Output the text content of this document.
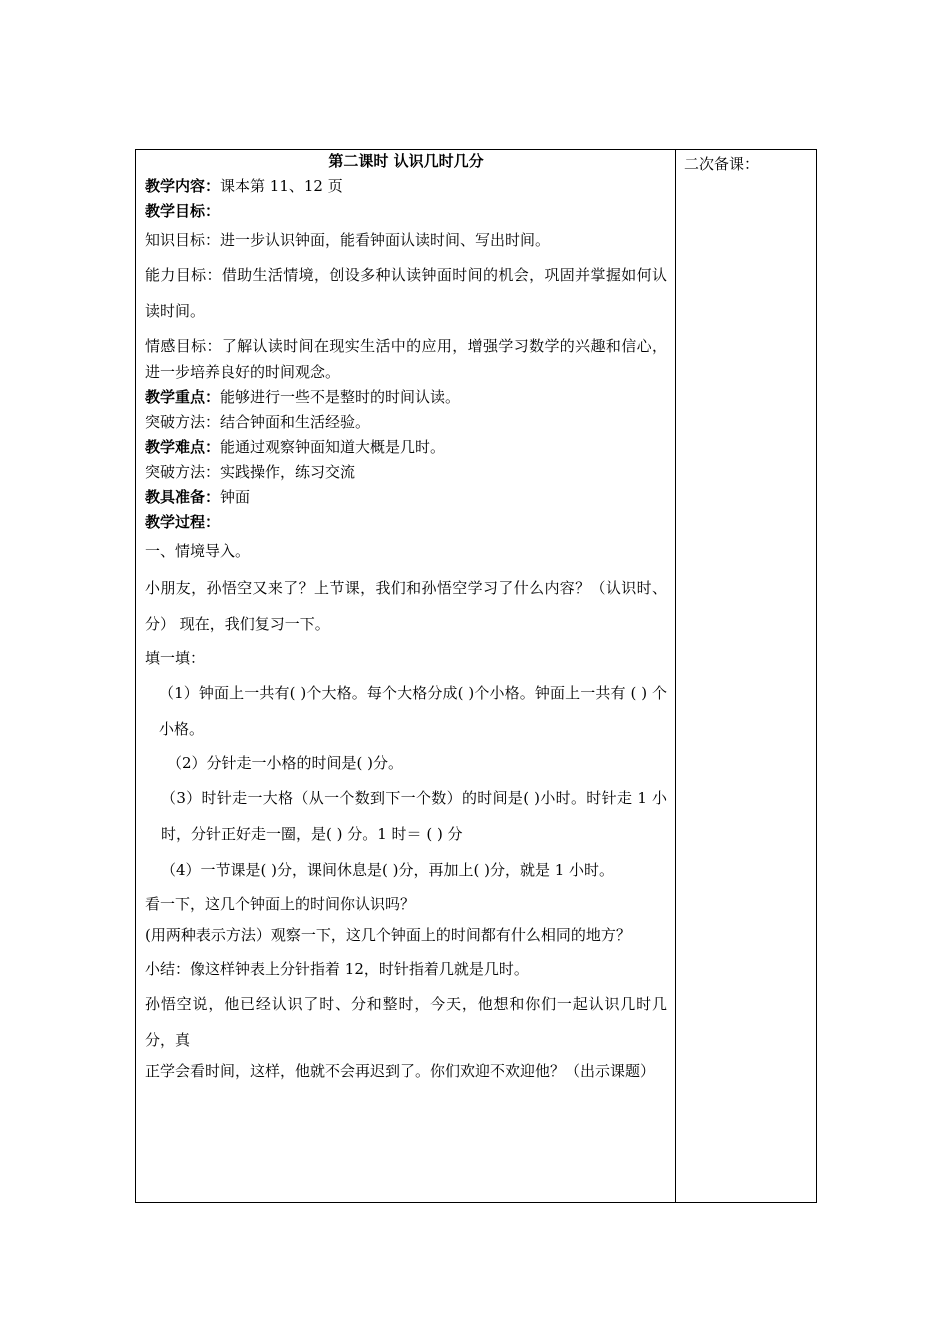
第二课时 认识几时几分
教学内容：课本第 11、12 页
教学目标：
知识目标：进一步认识钟面，能看钟面认读时间、写出时间。
能力目标：借助生活情境，创设多种认读钟面时间的机会，巩固并掌握如何认读时间。
情感目标：了解认读时间在现实生活中的应用，增强学习数学的兴趣和信心，进一步培养良好的时间观念。
教学重点：能够进行一些不是整时的时间认读。
突破方法：结合钟面和生活经验。
教学难点：能通过观察钟面知道大概是几时。
突破方法：实践操作，练习交流
教具准备：钟面
教学过程：
一、情境导入。
小朋友，孙悟空又来了？上节课，我们和孙悟空学习了什么内容？（认识时、分） 现在，我们复习一下。
填一填：
（1）钟面上一共有( )个大格。每个大格分成( )个小格。钟面上一共有 ( ) 个小格。
（2）分针走一小格的时间是( )分。
（3）时针走一大格（从一个数到下一个数）的时间是( )小时。时针走 1 小时，分针正好走一圈，是( ) 分。1 时＝ ( ) 分
（4）一节课是( )分，课间休息是( )分，再加上( )分，就是 1 小时。
看一下，这几个钟面上的时间你认识吗？
(用两种表示方法）观察一下，这几个钟面上的时间都有什么相同的地方？
小结：像这样钟表上分针指着 12，时针指着几就是几时。
孙悟空说，他已经认识了时、分和整时，今天，他想和你们一起认识几时几分，真
正学会看时间，这样，他就不会再迟到了。你们欢迎不欢迎他？（出示课题）

二次备课：
